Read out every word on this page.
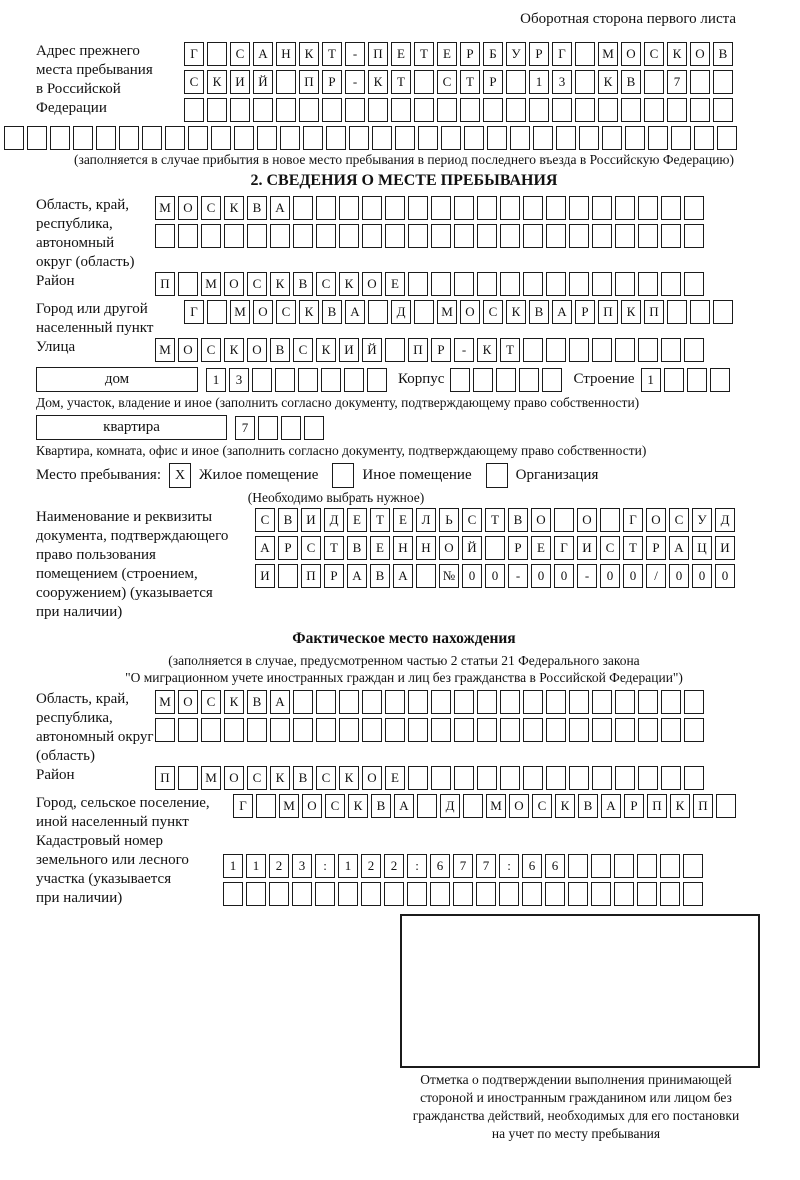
Оборотная сторона первого листа
Адрес прежнего
места пребывания
в Российской
Федерации
Г	С	А	Н	К	Т	-	П	Е	Т	Е	Р	Б	У	Р	Г	М О	С	К	О	В
С	К	И	Й	П	Р	-	К	Т	С	Т	Р	1	3	К	В	7
(заполняется в случае прибытия в новое место пребывания в период последнего въезда в Российскую Федерацию)
2. СВЕДЕНИЯ О МЕСТЕ ПРЕБЫВАНИЯ
Область, край,
республика,
автономный
округ (область)
М О	С	К	В	А
Район	П	М О	С	К	В	С	К	О	Е
Город или другой
населенный пункт
Г	М О	С	К	В	А	Д	М О	С	К	В	А	Р	П	К	П
Улица	М О	С	К	О	В	С	К	И	Й	П	Р	-	К	Т
дом	1	3	Корпус	Строение 1
Дом, участок, владение и иное (заполнить согласно документу, подтверждающему право собственности)
квартира	7
Квартира, комната, офис и иное (заполнить согласно документу, подтверждающему право собственности)
Место пребывания: X Жилое помещение	Иное помещение	Организация
(Необходимо выбрать нужное)
Наименование и реквизиты
документа, подтверждающего
право пользования
помещением (строением,
сооружением) (указывается
при наличии)
С	В	И	Д	Е	Т	Е	Л	Ь	С	Т	В	О	О	Г	О	С	У	Д
А	Р	С	Т	В	Е	Н	Н	О	Й	Р	Е	Г	И	С	Т	Р	А	Ц	И
И	П	Р	А	В	А	№	0	0	-	0	0	-	0	0	/	0	0	0
Фактическое место нахождения
(заполняется в случае, предусмотренном частью 2 статьи 21 Федерального закона
"О миграционном учете иностранных граждан и лиц без гражданства в Российской Федерации")
Область, край,
республика,
автономный округ
(область)
М О	С	К	В	А
Район	П	М О	С	К	В	С	К	О	Е
Город, сельское поселение,
иной населенный пункт
Г	М О	С	К	В	А	Д	М О	С	К	В	А	Р	П	К	П
Кадастровый номер
земельного или лесного
участка (указывается
при наличии)
1	1	2	3	:	1	2	2	:	6	7	7	:	6	6
Отметка о подтверждении выполнения принимающей
стороной и иностранным гражданином или лицом без
гражданства действий, необходимых для его постановки
на учет по месту пребывания
